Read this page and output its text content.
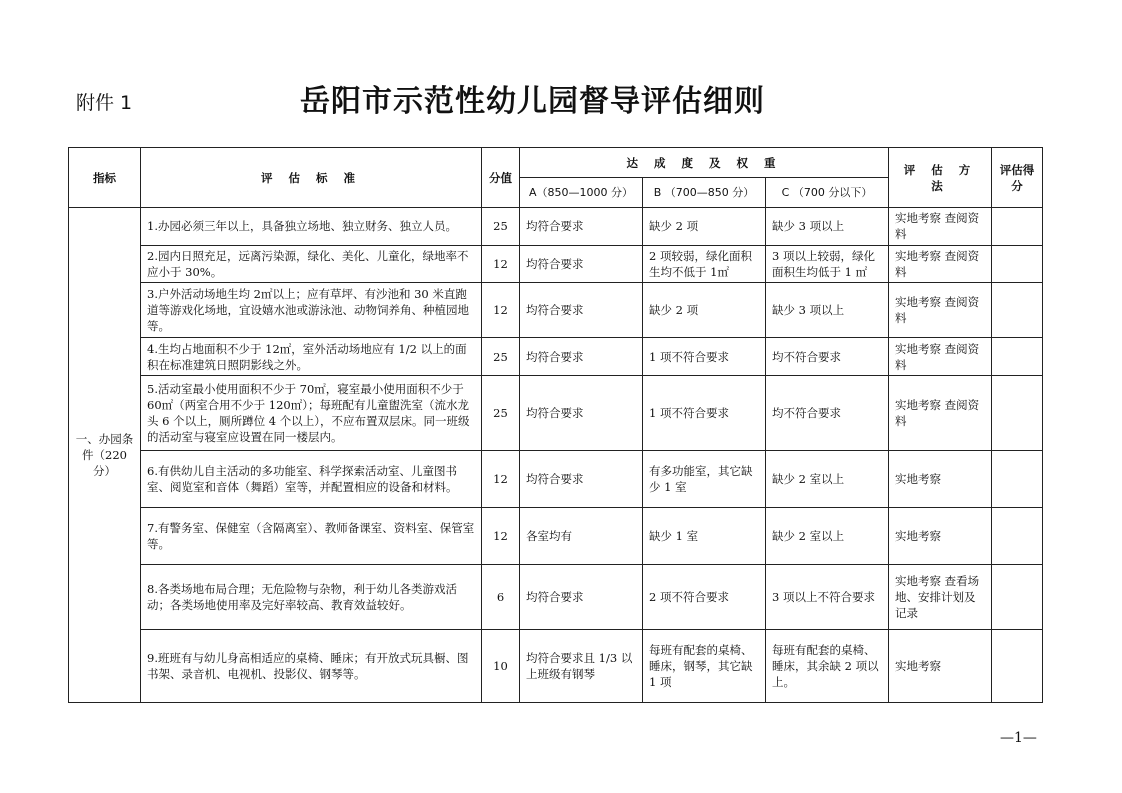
附件 1	岳阳市示范性幼儿园督导评估细则
指标	评 估 标 准	分值	达 成 度 及 权 重			评 估 方 法	评估得分
			A（850—1000 分）	B （700—850 分）	C （700 分以下）		
一、办园条件（220 分）	1.办园必须三年以上，具备独立场地、独立财务、独立人员。	25	均符合要求	缺少 2 项	缺少 3 项以上	实地考察 查阅资料	
	2.园内日照充足，远离污染源，绿化、美化、儿童化，绿地率不应小于 30%。	12	均符合要求	2 项较弱，绿化面积生均不低于 1㎡	3 项以上较弱，绿化面积生均低于 1 ㎡	实地考察 查阅资料	
	3.户外活动场地生均 2㎡以上；应有草坪、有沙池和 30 米直跑道等游戏化场地，宜设嬉水池或游泳池、动物饲养角、种植园地等。	12	均符合要求	缺少 2 项	缺少 3 项以上	实地考察 查阅资料	
	4.生均占地面积不少于 12㎡，室外活动场地应有 1/2 以上的面积在标准建筑日照阴影线之外。	25	均符合要求	1 项不符合要求	均不符合要求	实地考察 查阅资料	
	5.活动室最小使用面积不少于 70㎡，寝室最小使用面积不少于 60㎡（两室合用不少于 120㎡）；每班配有儿童盥洗室（流水龙头 6 个以上，厕所蹲位 4 个以上），不应布置双层床。同一班级的活动室与寝室应设置在同一楼层内。	25	均符合要求	1 项不符合要求	均不符合要求	实地考察 查阅资料	
	6.有供幼儿自主活动的多功能室、科学探索活动室、儿童图书室、阅览室和音体（舞蹈）室等，并配置相应的设备和材料。	12	均符合要求	有多功能室，其它缺少 1 室	缺少 2 室以上	实地考察	
	7.有警务室、保健室（含隔离室）、教师备课室、资料室、保管室等。	12	各室均有	缺少 1 室	缺少 2 室以上	实地考察	
	8.各类场地布局合理；无危险物与杂物，利于幼儿各类游戏活动；各类场地使用率及完好率较高、教育效益较好。	6	均符合要求	2 项不符合要求	3 项以上不符合要求	实地考察 查看场地、安排计划及记录	
	9.班班有与幼儿身高相适应的桌椅、睡床；有开放式玩具橱、图书架、录音机、电视机、投影仪、钢琴等。	10	均符合要求且 1/3 以上班级有钢琴	每班有配套的桌椅、睡床，钢琴，其它缺 1 项	每班有配套的桌椅、睡床，其余缺 2 项以上。	实地考察	
—1—
